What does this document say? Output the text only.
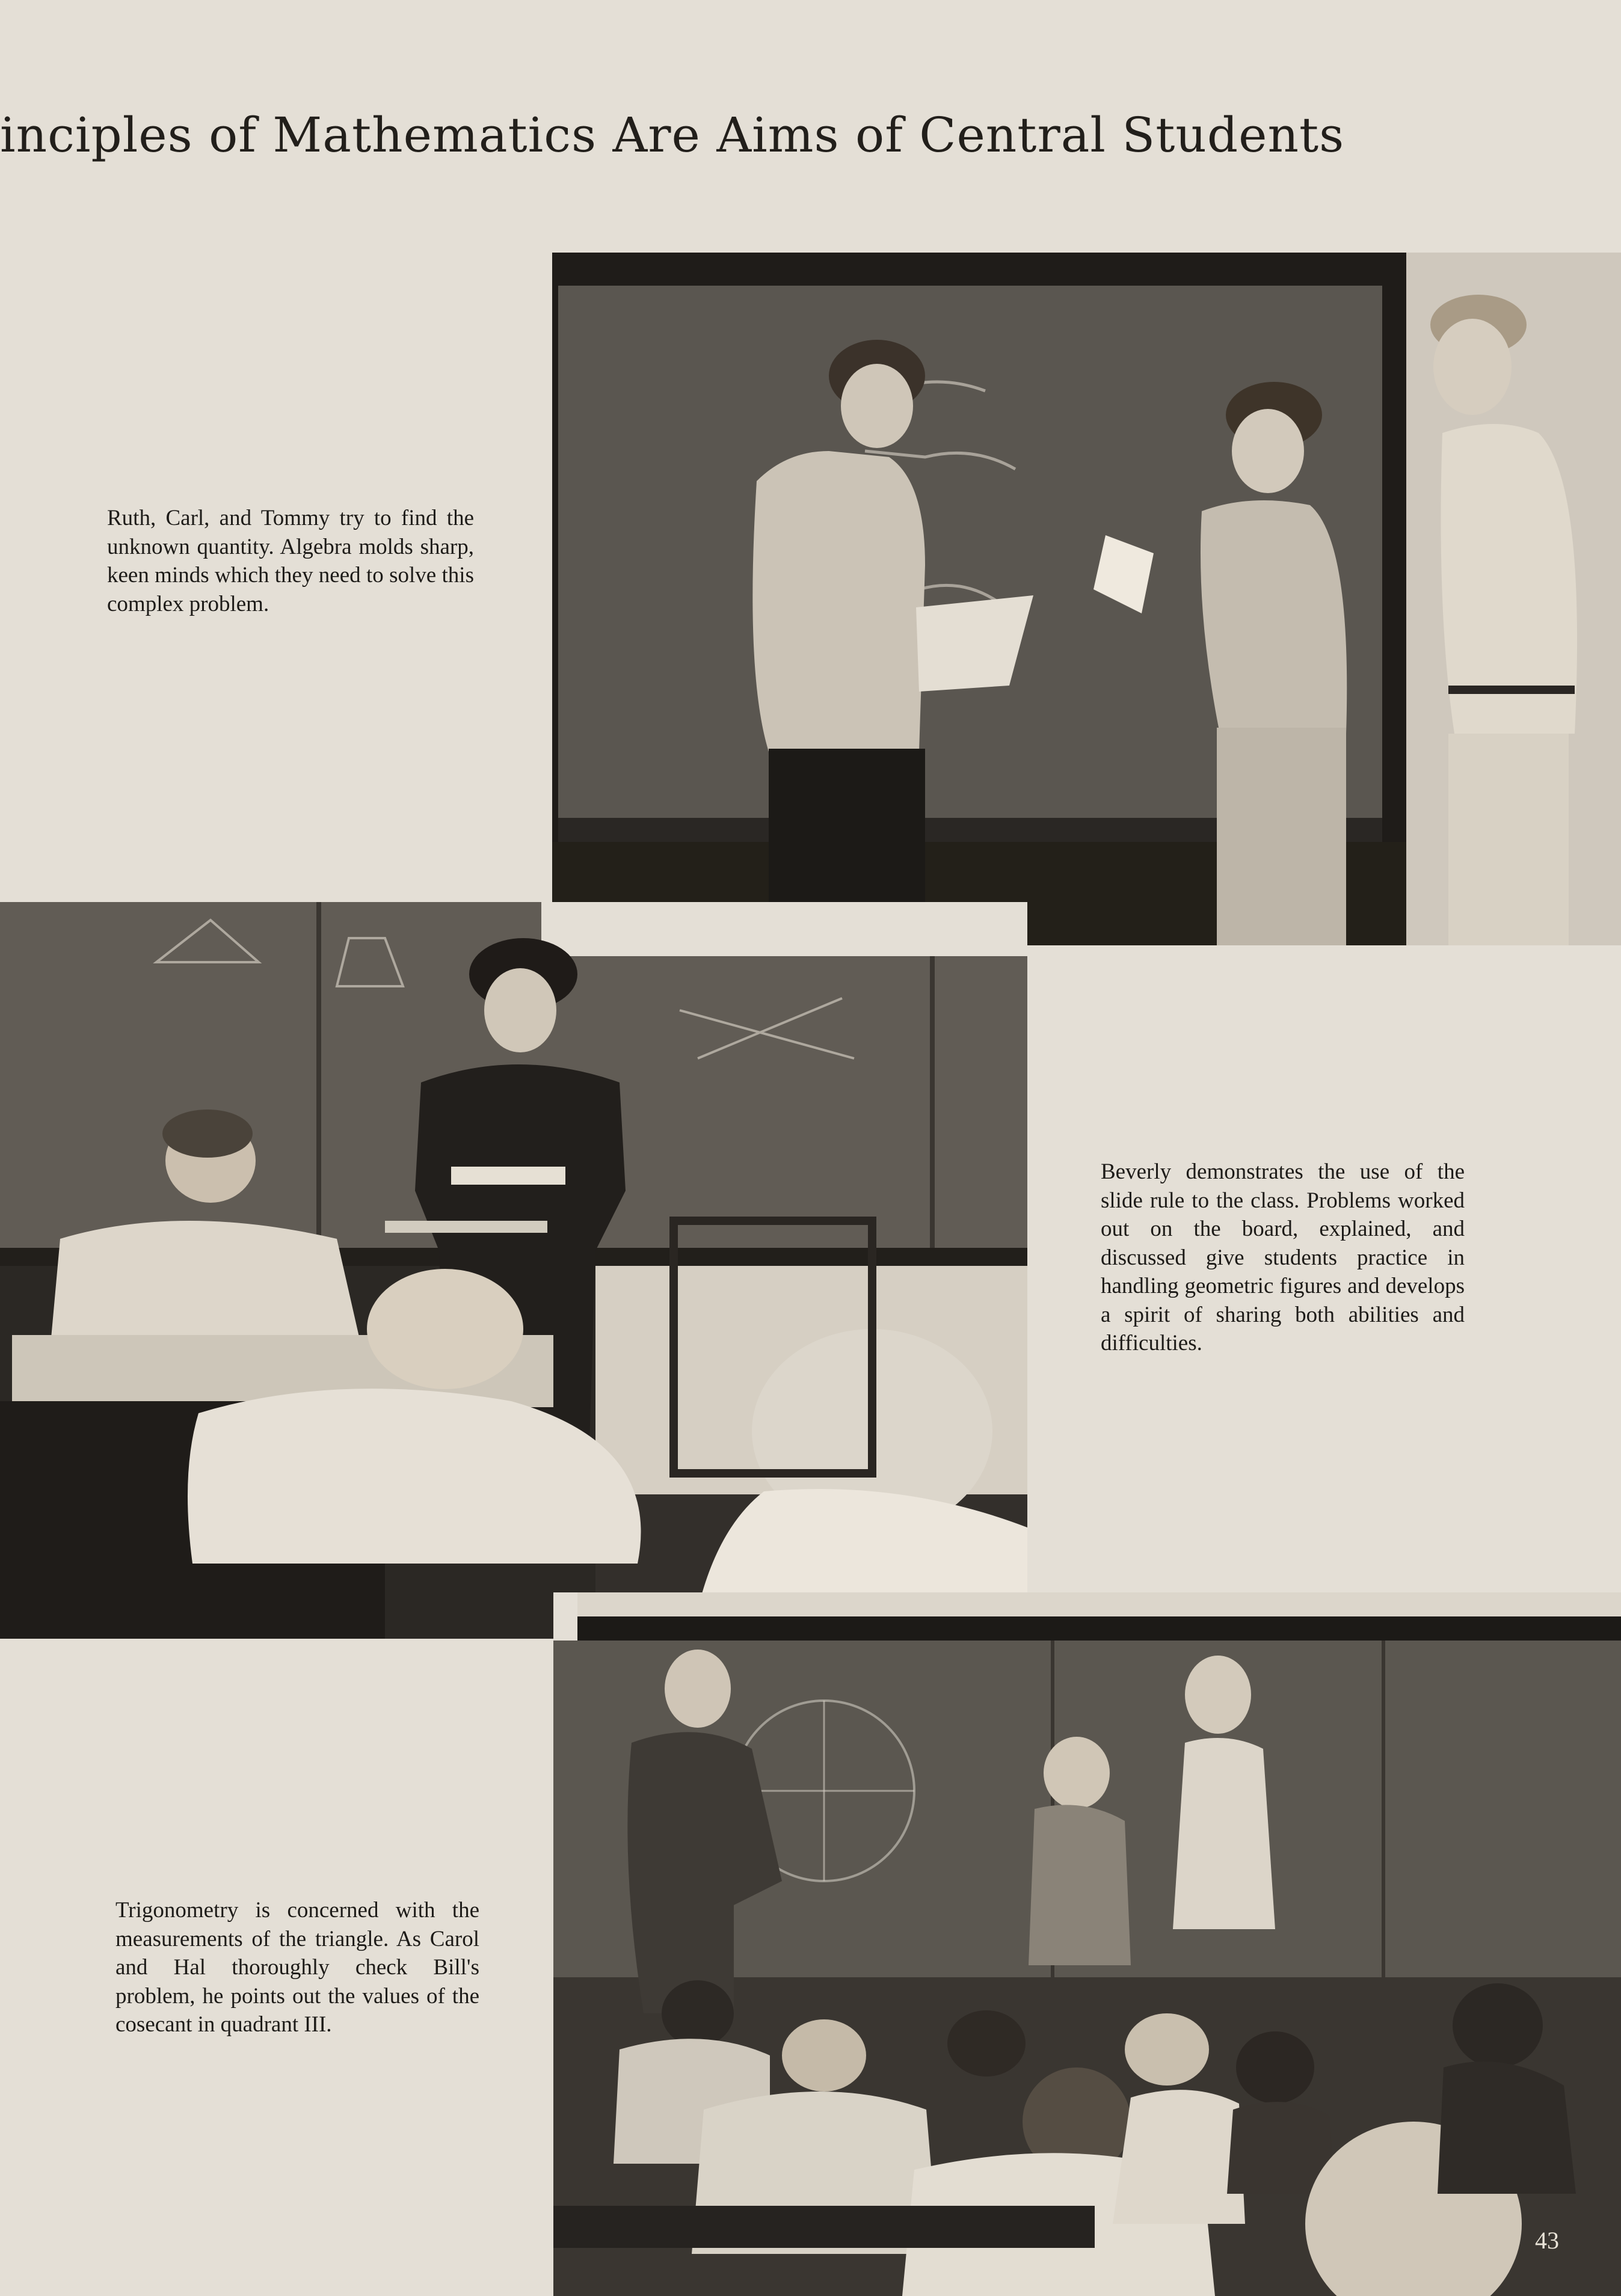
inciples of Mathematics Are Aims of Central Students

Ruth, Carl, and Tommy try to find the unknown quantity. Algebra molds sharp, keen minds which they need to solve this complex problem.

Beverly demonstrates the use of the slide rule to the class. Problems worked out on the board, explained, and discussed give students practice in handling geometric figures and develops a spirit of sharing both abilities and difficulties.

Trigonometry is concerned with the measurements of the triangle. As Carol and Hal thoroughly check Bill's problem, he points out the values of the cosecant in quadrant III.

43
